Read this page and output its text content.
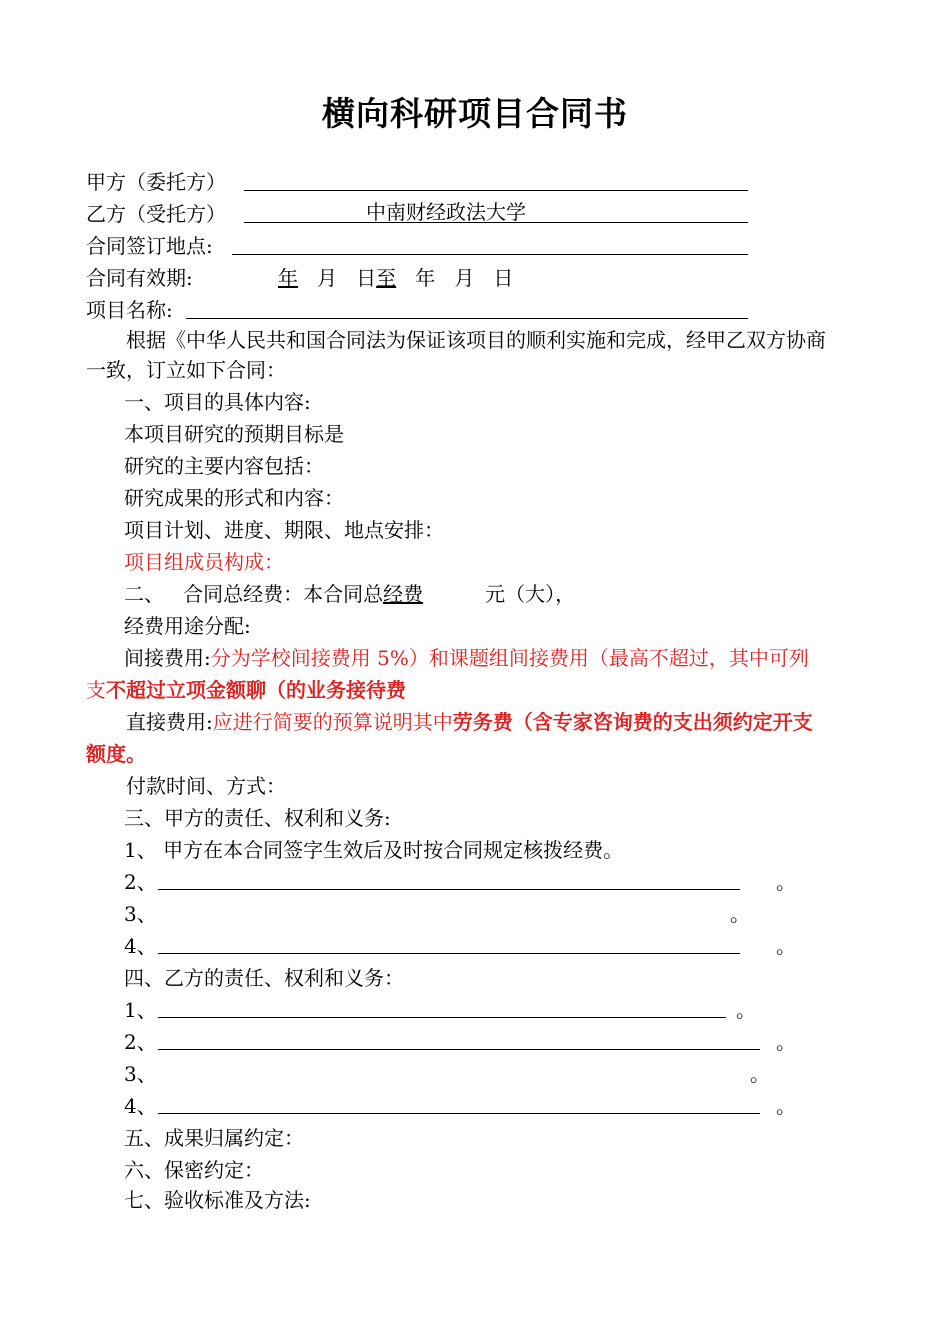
横向科研项目合同书
甲方（委托方）
乙方（受托方）	中南财经政法大学
合同签订地点:
合同有效期:	年 月 日至 年 月 日
项目名称:
根据《中华人民共和国合同法为保证该项目的顺利实施和完成，经甲乙双方协商
一致，订立如下合同：
一、项目的具体内容:
本项目研究的预期目标是
研究的主要内容包括：
研究成果的形式和内容：
项目计划、进度、期限、地点安排：
项目组成员构成：
二、 合同总经费：本合同总经费	元（大），
经费用途分配:
间接费用:分为学校间接费用 5%）和课题组间接费用（最高不超过，其中可列
支不超过立项金额聊（的业务接待费
直接费用:应进行简要的预算说明其中劳务费（含专家咨询费的支出须约定开支
额度。
付款时间、方式：
三、甲方的责任、权利和义务:
1、 甲方在本合同签字生效后及时按合同规定核拨经费。
2、	。
3、	。
4、	。
四、乙方的责任、权利和义务：
1、	。
2、	。
3、	。
4、	。
五、成果归属约定：
六、保密约定：
七、验收标准及方法:
